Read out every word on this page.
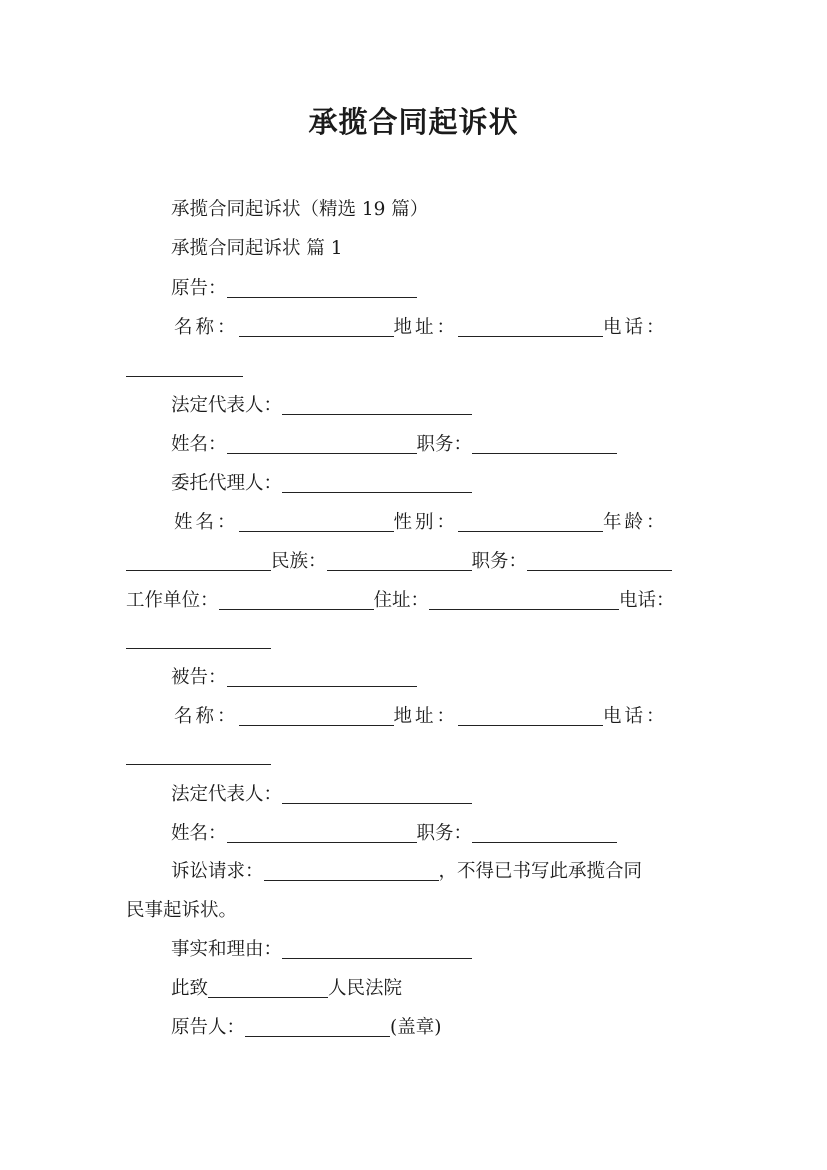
承揽合同起诉状
承揽合同起诉状（精选 19 篇）
承揽合同起诉状 篇 1
原告：
名称：	地址：	电话：
法定代表人：
姓名：	职务：
委托代理人：
姓名：	性别：	年龄：
民族：	职务：
工作单位：	住址：	电话：
被告：
名称：	地址：	电话：
法定代表人：
姓名：	职务：
诉讼请求：	，不得已书写此承揽合同
民事起诉状。
事实和理由：
此致	人民法院
原告人：	(盖章)
